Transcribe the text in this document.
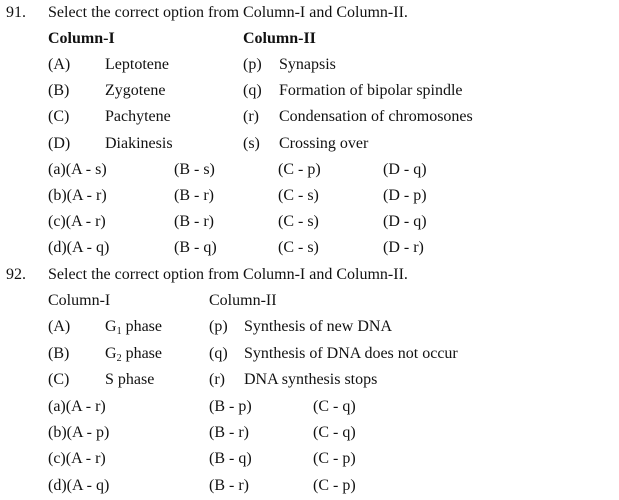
91. Select the correct option from Column-I and Column-II.
Column-I	Column-II
(A) Leptotene	(p) Synapsis
(B) Zygotene	(q) Formation of bipolar spindle
(C) Pachytene	(r) Condensation of chromosones
(D) Diakinesis	(s) Crossing over
(a)(A - s)	(B - s)	(C - p)	(D - q)
(b)(A - r)	(B - r)	(C - s)	(D - p)
(c)(A - r)	(B - r)	(C - s)	(D - q)
(d)(A - q)	(B - q)	(C - s)	(D - r)
92. Select the correct option from Column-I and Column-II.
Column-I	Column-II
(A) $G_1$ phase	(p) Synthesis of new DNA
(B) $G_2$ phase	(q) Synthesis of DNA does not occur
(C) S phase	(r) DNA synthesis stops
(a)(A - r)	(B - p)	(C - q)
(b)(A - p)	(B - r)	(C - q)
(c)(A - r)	(B - q)	(C - p)
(d)(A - q)	(B - r)	(C - p)
